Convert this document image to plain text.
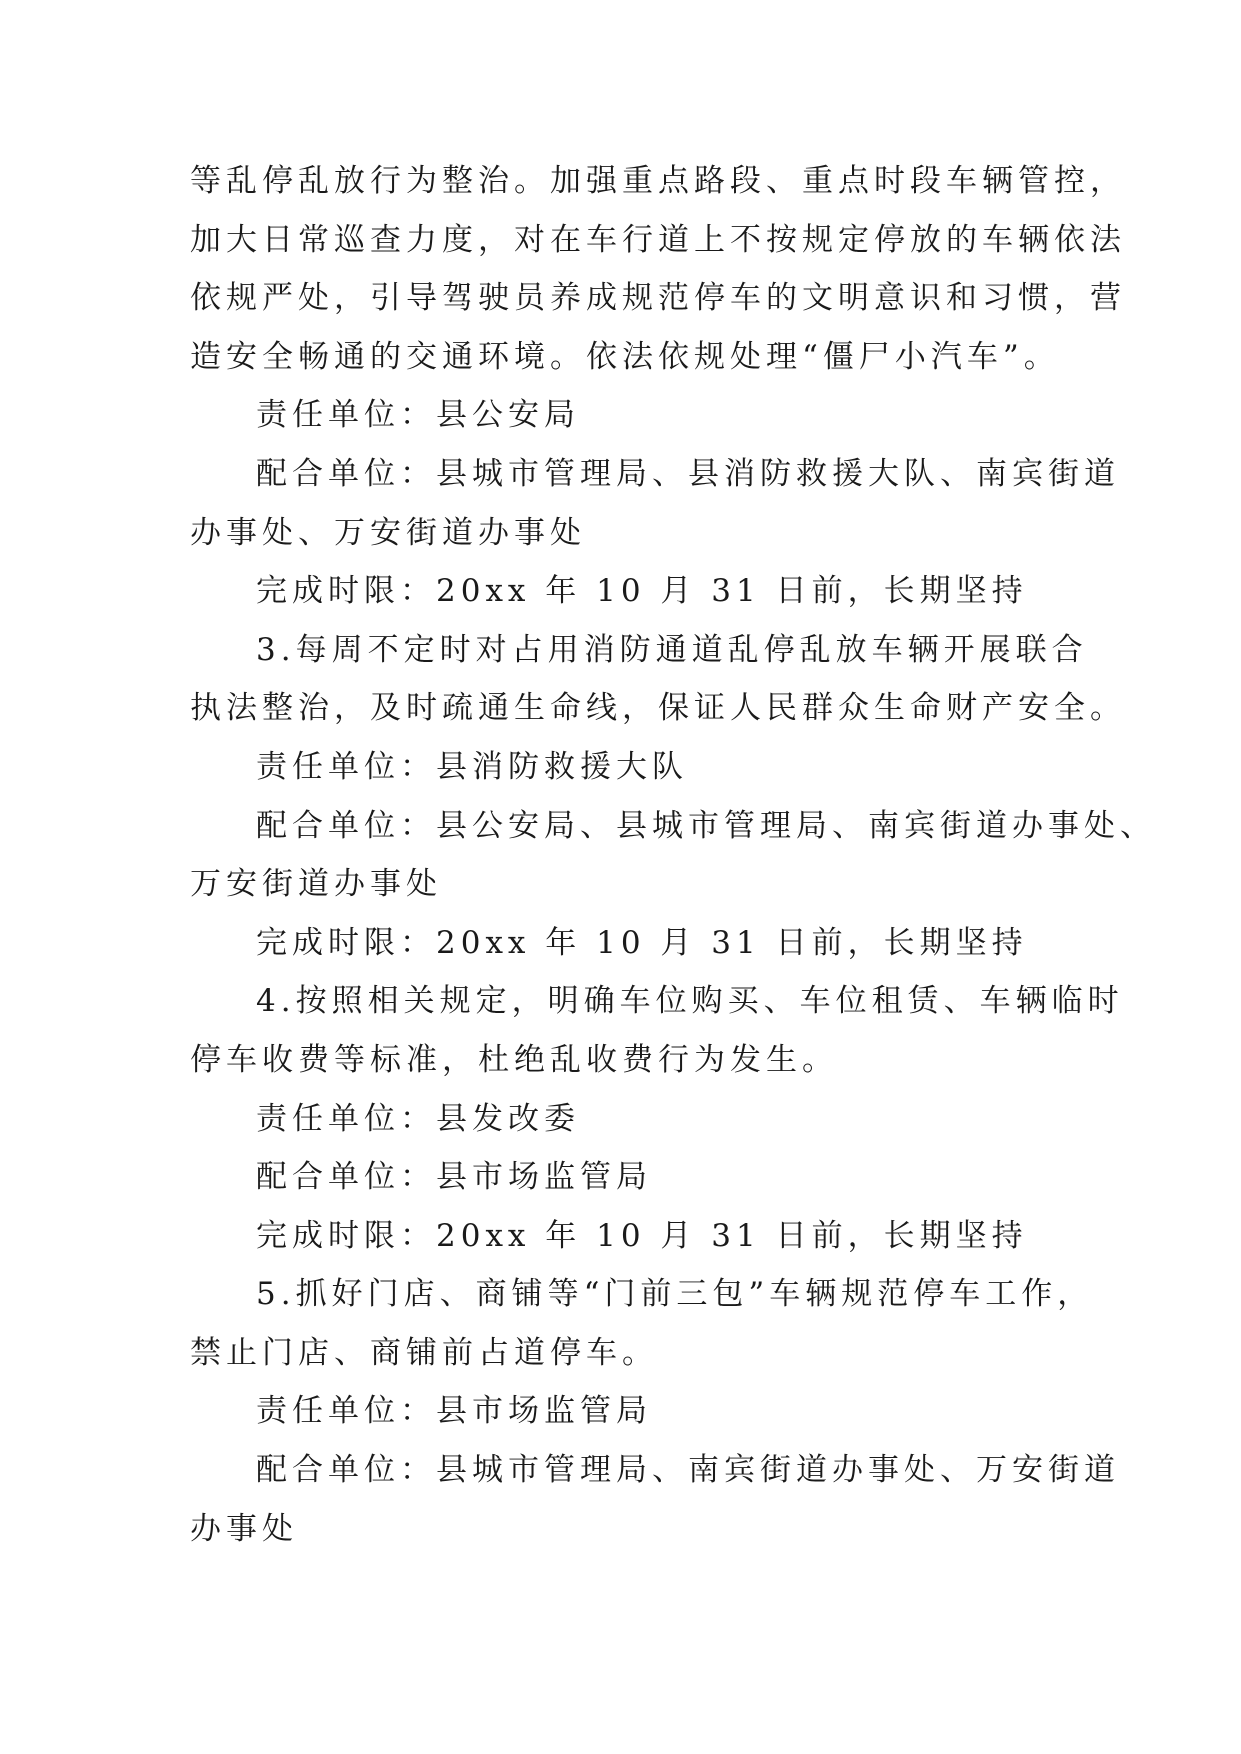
等乱停乱放行为整治。加强重点路段、重点时段车辆管控，
加大日常巡查力度，对在车行道上不按规定停放的车辆依法
依规严处，引导驾驶员养成规范停车的文明意识和习惯，营
造安全畅通的交通环境。依法依规处理“僵尸小汽车”。

责任单位：县公安局

配合单位：县城市管理局、县消防救援大队、南宾街道
办事处、万安街道办事处

完成时限：20xx 年 10 月 31 日前，长期坚持

3.每周不定时对占用消防通道乱停乱放车辆开展联合
执法整治，及时疏通生命线，保证人民群众生命财产安全。

责任单位：县消防救援大队

配合单位：县公安局、县城市管理局、南宾街道办事处、
万安街道办事处

完成时限：20xx 年 10 月 31 日前，长期坚持

4.按照相关规定，明确车位购买、车位租赁、车辆临时
停车收费等标准，杜绝乱收费行为发生。

责任单位：县发改委

配合单位：县市场监管局

完成时限：20xx 年 10 月 31 日前，长期坚持

5.抓好门店、商铺等“门前三包”车辆规范停车工作，
禁止门店、商铺前占道停车。

责任单位：县市场监管局

配合单位：县城市管理局、南宾街道办事处、万安街道
办事处
